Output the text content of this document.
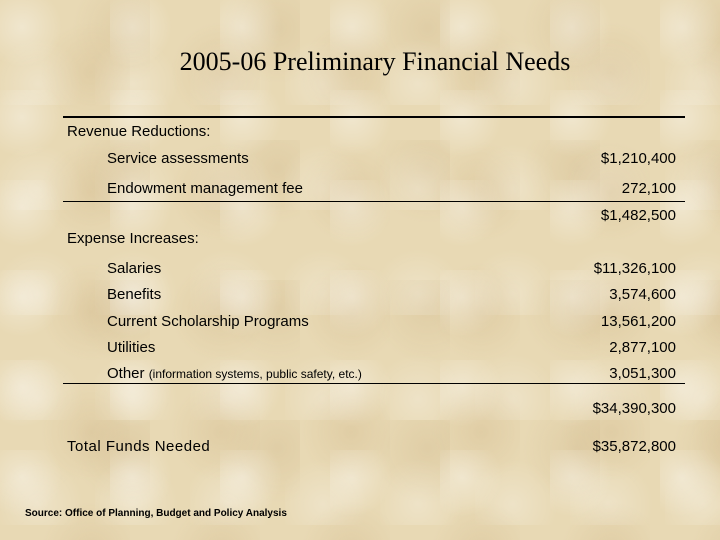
2005-06 Preliminary Financial Needs
Revenue Reductions:
Service assessments	$1,210,400
Endowment management fee	272,100
$1,482,500
Expense Increases:
Salaries	$11,326,100
Benefits	3,574,600
Current Scholarship Programs	13,561,200
Utilities	2,877,100
Other (information systems, public safety, etc.)	3,051,300
$34,390,300
Total Funds Needed	$35,872,800
Source: Office of Planning, Budget and Policy Analysis
